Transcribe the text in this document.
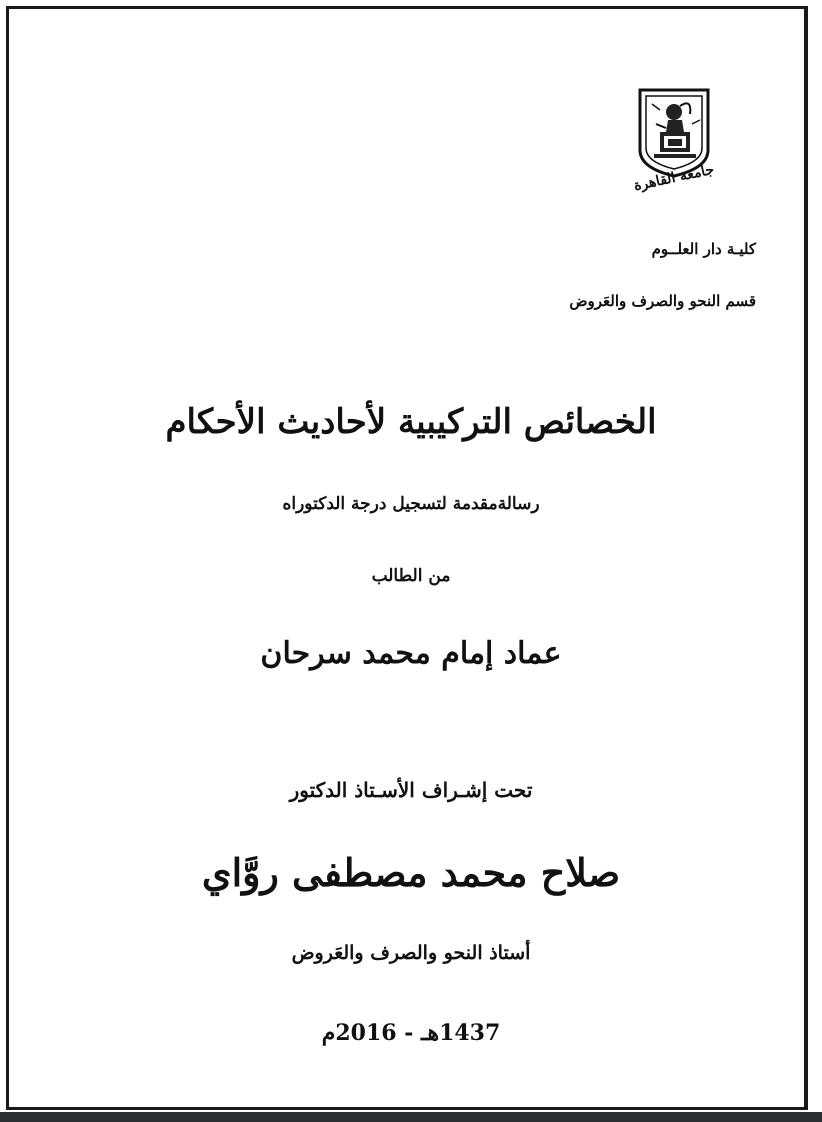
جامعة القاهرة
كليـة دار العلــوم
قسم النحو والصرف والعَروض
الخصائص التركيبية لأحاديث الأحكام
رسالةمقدمة لتسجيل درجة الدكتوراه
من الطالب
عماد إمام محمد سرحان
تحت إشـراف الأسـتاذ الدكتور
صلاح محمد مصطفى روَّاي
أستاذ النحو والصرف والعَروض
1437هـ - 2016م
